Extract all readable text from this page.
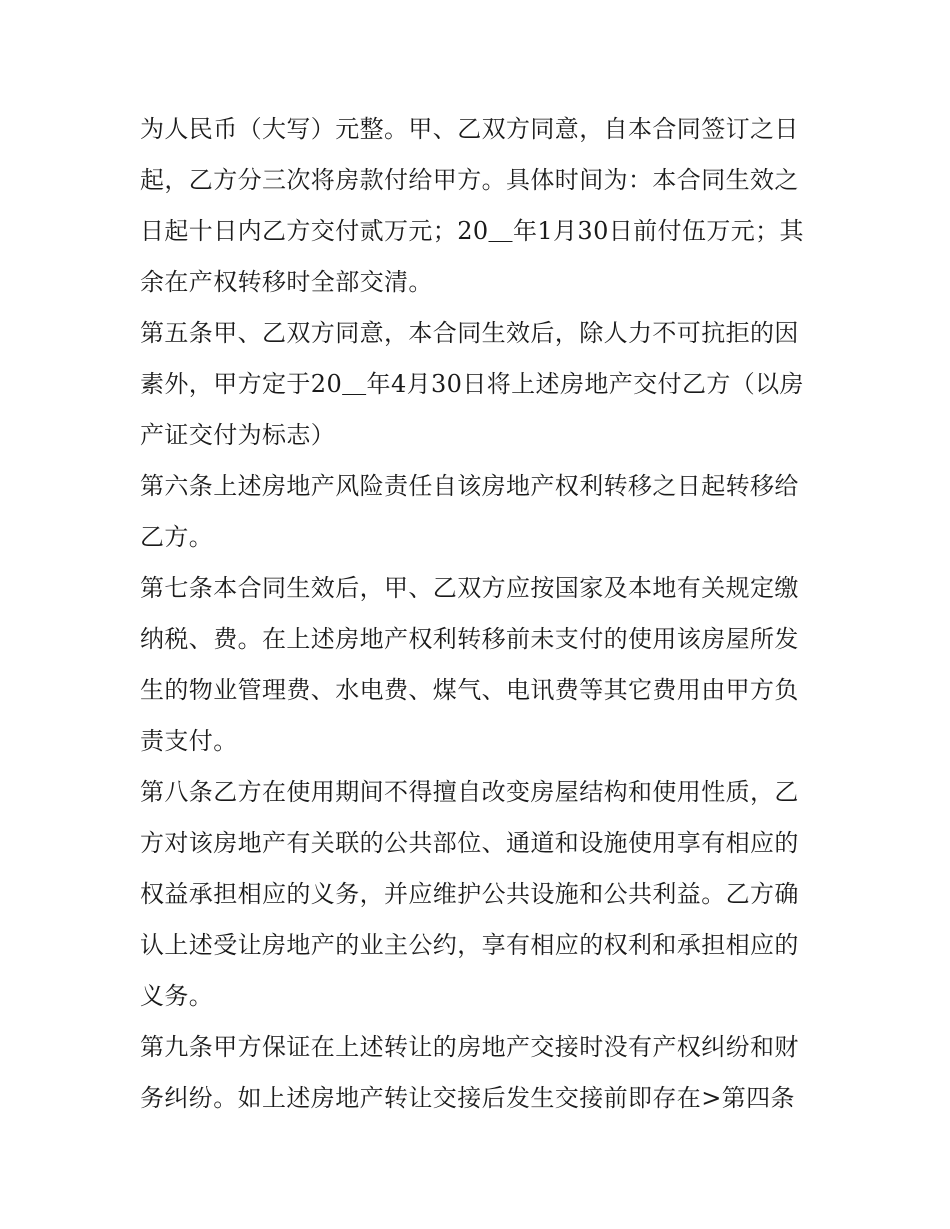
为人民币（大写）元整。甲、乙双方同意，自本合同签订之日起，乙方分三次将房款付给甲方。具体时间为：本合同生效之日起十日内乙方交付贰万元；20＿年1月30日前付伍万元；其余在产权转移时全部交清。

第五条甲、乙双方同意，本合同生效后，除人力不可抗拒的因素外，甲方定于20＿年4月30日将上述房地产交付乙方（以房产证交付为标志）

第六条上述房地产风险责任自该房地产权利转移之日起转移给乙方。

第七条本合同生效后，甲、乙双方应按国家及本地有关规定缴纳税、费。在上述房地产权利转移前未支付的使用该房屋所发生的物业管理费、水电费、煤气、电讯费等其它费用由甲方负责支付。

第八条乙方在使用期间不得擅自改变房屋结构和使用性质，乙方对该房地产有关联的公共部位、通道和设施使用享有相应的权益承担相应的义务，并应维护公共设施和公共利益。乙方确认上述受让房地产的业主公约，享有相应的权利和承担相应的义务。

第九条甲方保证在上述转让的房地产交接时没有产权纠纷和财务纠纷。如上述房地产转让交接后发生交接前即存在>第四条
